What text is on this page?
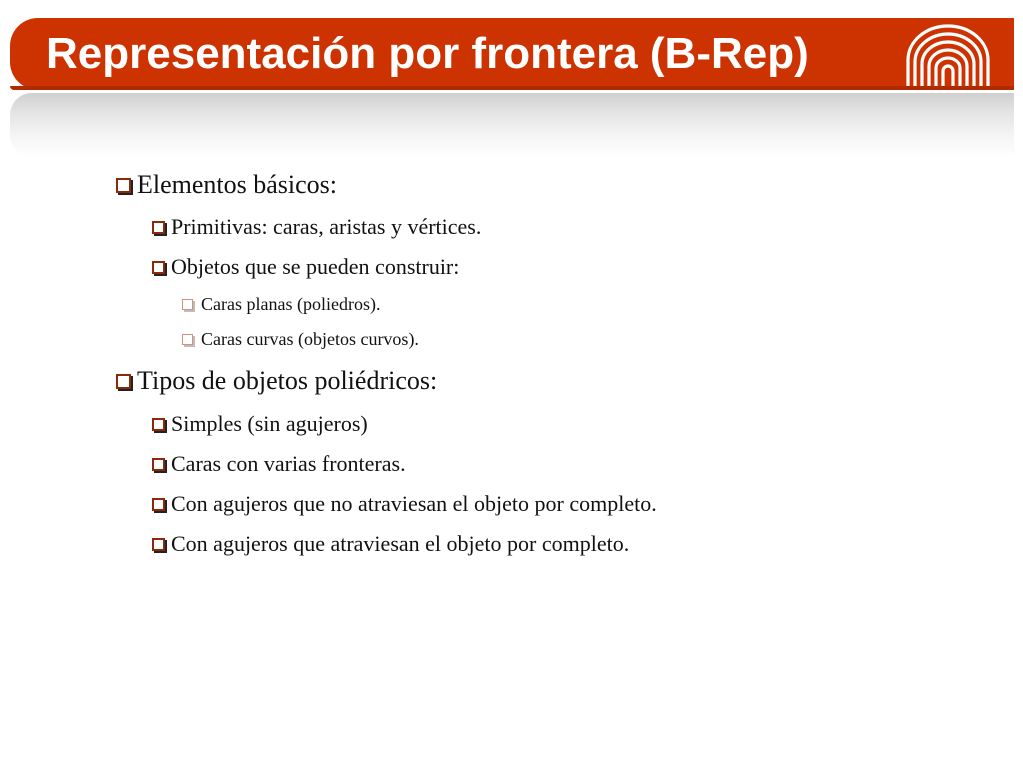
Representación por frontera (B-Rep)
Elementos básicos:
Primitivas: caras, aristas y vértices.
Objetos que se pueden construir:
Caras planas (poliedros).
Caras curvas (objetos curvos).
Tipos de objetos poliédricos:
Simples (sin agujeros)
Caras con varias fronteras.
Con agujeros que no atraviesan el objeto por completo.
Con agujeros que atraviesan el objeto por completo.
